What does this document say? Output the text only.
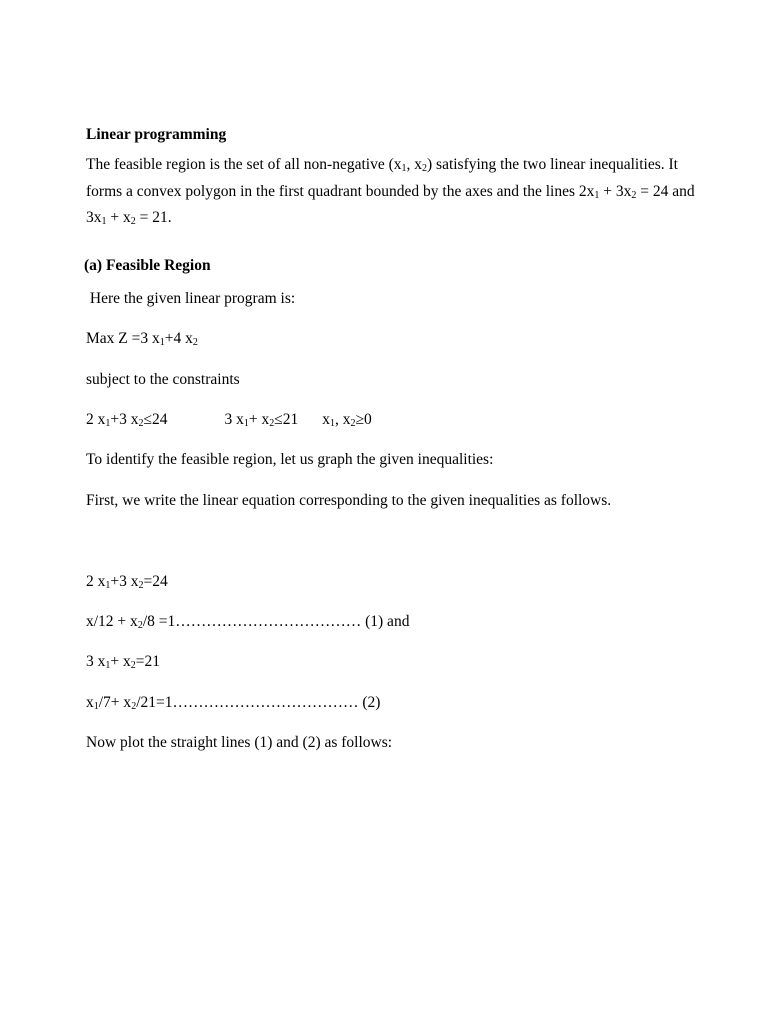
Linear programming
The feasible region is the set of all non-negative ($x_1$, $x_2$) satisfying the two linear inequalities. It
forms a convex polygon in the first quadrant bounded by the axes and the lines $2x_1 + 3x_2 = 24$ and
$3x_1 + x_2 = 21$.
(a) Feasible Region
Here the given linear program is:
Max Z =3 $x_1+4$ $x_2$
subject to the constraints
2 $x_1+3$ $x_2\le 24$	3 $x_1+ x_2\le 21$ $x_1$, $x_2\ge 0$
To identify the feasible region, let us graph the given inequalities:
First, we write the linear equation corresponding to the given inequalities as follows.
2 $x_1+3$ $x_2=24$
$x/12 + x_2/8$ =1……………………………… (1) and
3 $x_1+ x_2=21$
$x_1/7+$ $x_2/21=1\dots\dots\dots\dots\dots\dots\dots\dots\dots\dots\dots\dots$ (2)
Now plot the straight lines (1) and (2) as follows:
